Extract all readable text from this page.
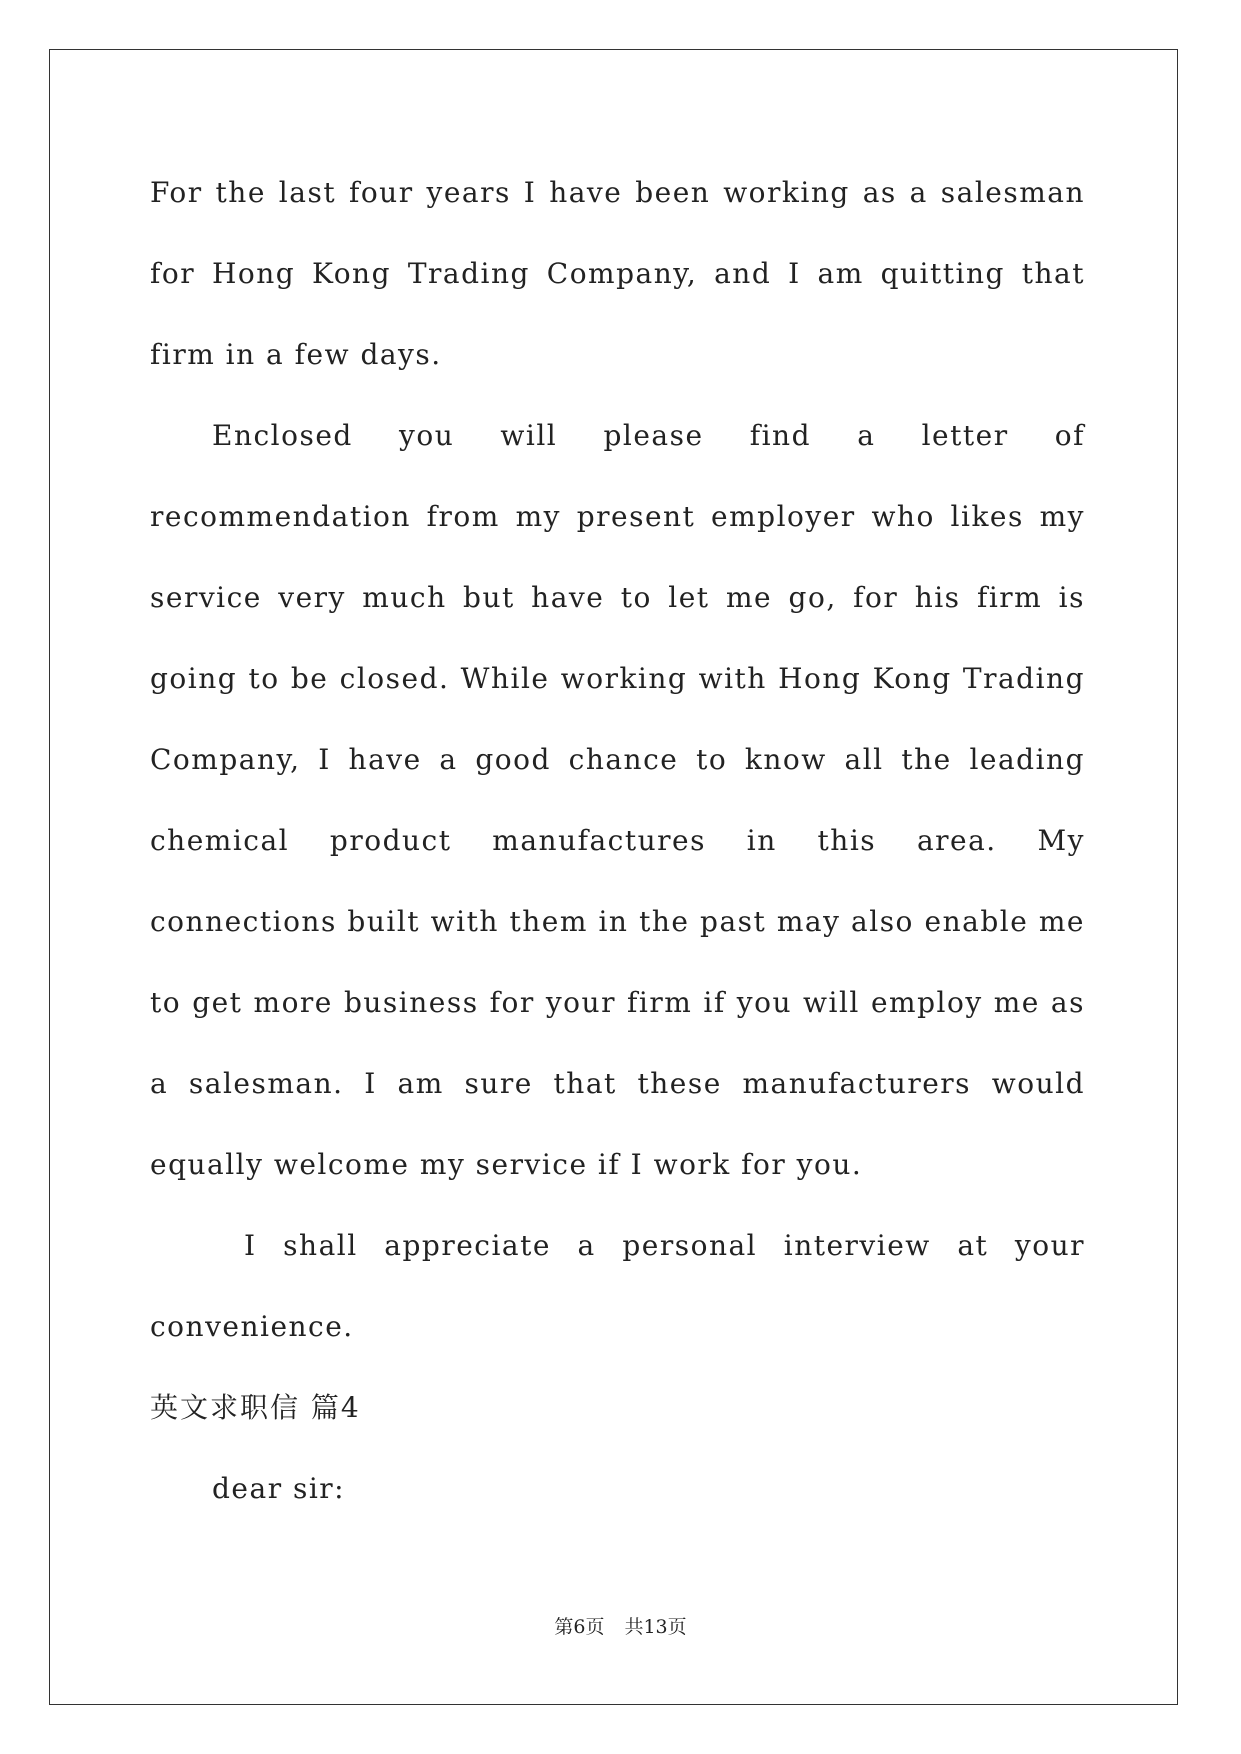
For the last four years I have been working as a salesman for Hong Kong Trading Company, and I am quitting that firm in a few days.

Enclosed you will please find a letter of recommendation from my present employer who likes my service very much but have to let me go, for his firm is going to be closed. While working with Hong Kong Trading Company, I have a good chance to know all the leading chemical product manufactures in this area. My connections built with them in the past may also enable me to get more business for your firm if you will employ me as a salesman. I am sure that these manufacturers would equally welcome my service if I work for you.

I shall appreciate a personal interview at your convenience.

英文求职信 篇4

dear sir:

第6页 共13页
